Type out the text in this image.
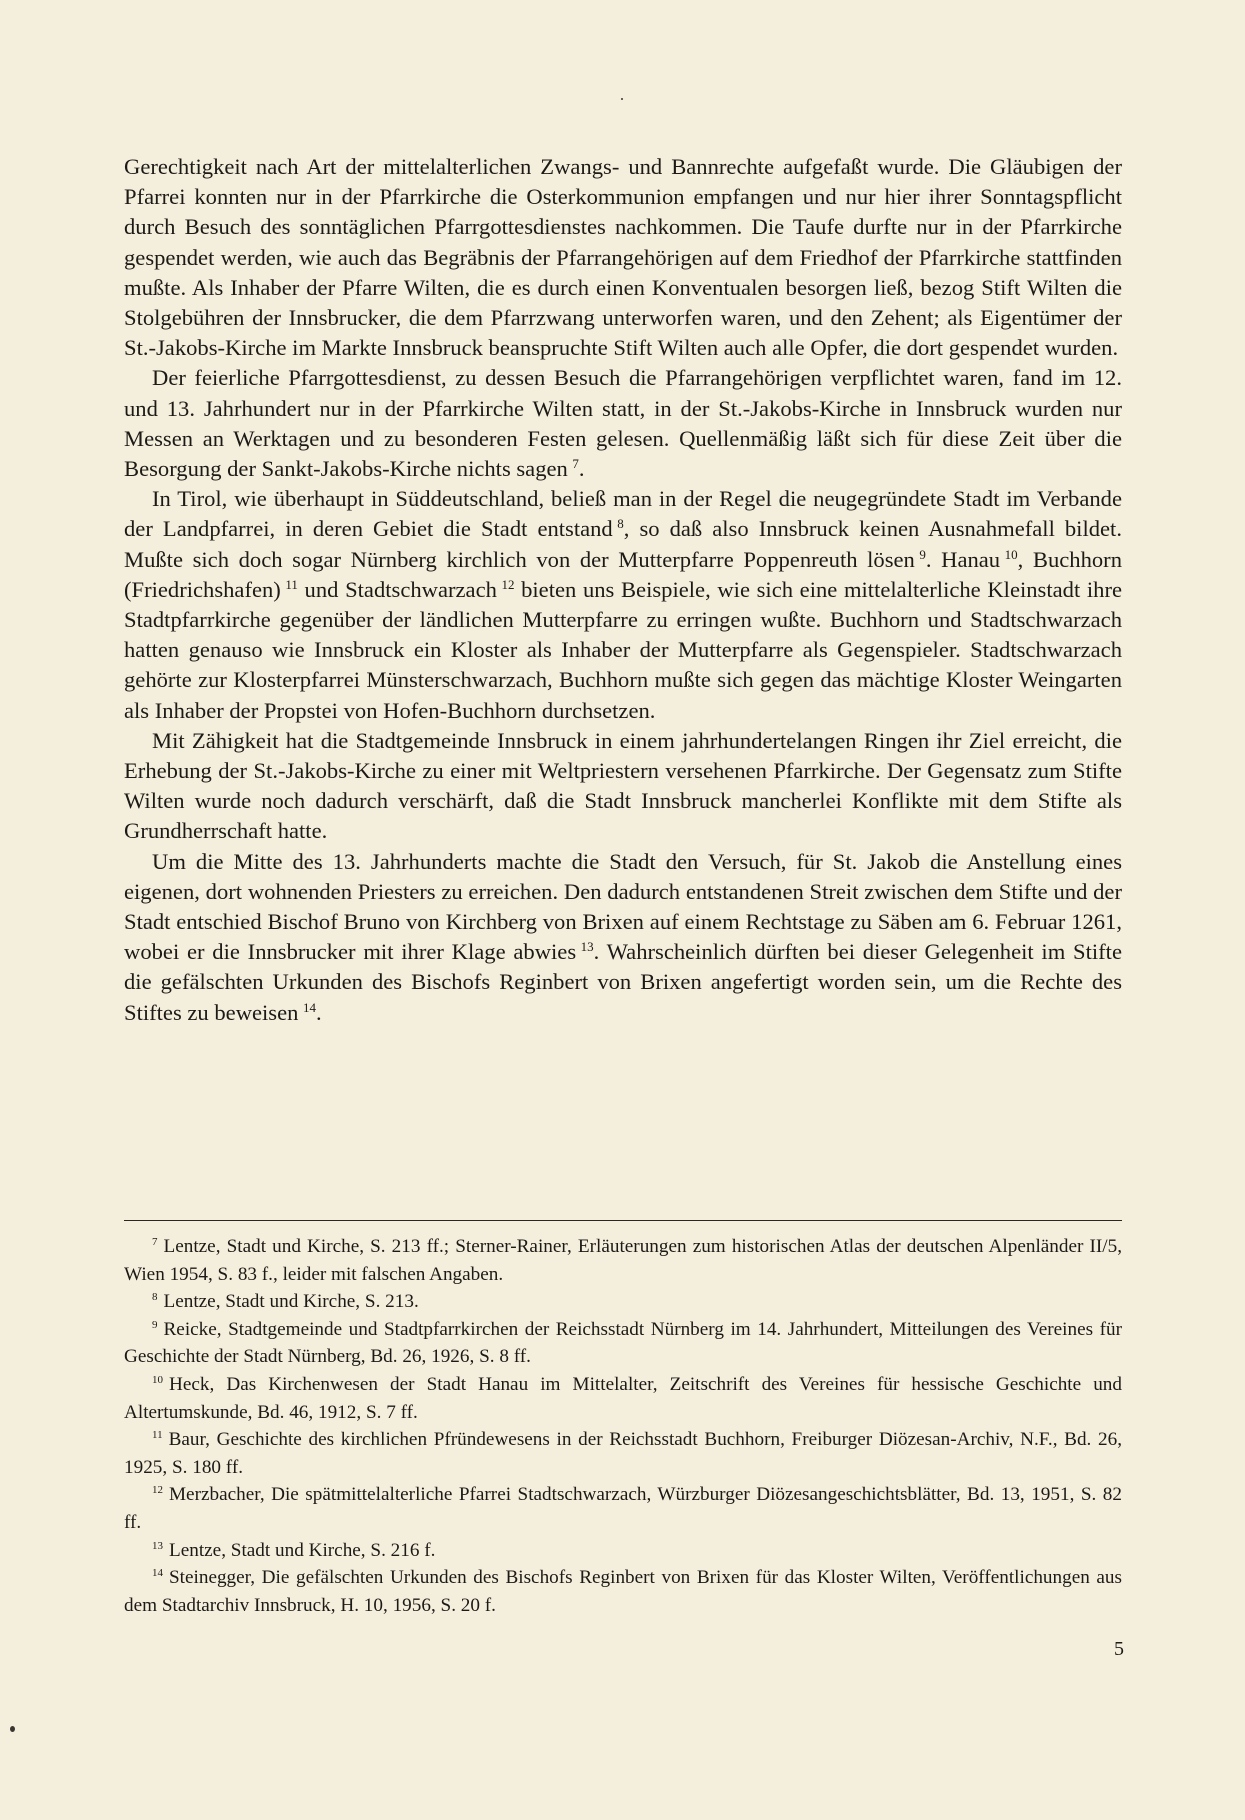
Gerechtigkeit nach Art der mittelalterlichen Zwangs- und Bannrechte aufgefaßt wurde. Die Gläubigen der Pfarrei konnten nur in der Pfarrkirche die Osterkommunion empfangen und nur hier ihrer Sonntagspflicht durch Besuch des sonntäglichen Pfarrgottesdienstes nachkommen. Die Taufe durfte nur in der Pfarrkirche gespendet werden, wie auch das Begräbnis der Pfarrangehörigen auf dem Friedhof der Pfarrkirche stattfinden mußte. Als Inhaber der Pfarre Wilten, die es durch einen Konventualen besorgen ließ, bezog Stift Wilten die Stolgebühren der Innsbrucker, die dem Pfarrzwang unterworfen waren, und den Zehent; als Eigentümer der St.-Jakobs-Kirche im Markte Innsbruck beanspruchte Stift Wilten auch alle Opfer, die dort gespendet wurden.

Der feierliche Pfarrgottesdienst, zu dessen Besuch die Pfarrangehörigen verpflichtet waren, fand im 12. und 13. Jahrhundert nur in der Pfarrkirche Wilten statt, in der St.-Jakobs-Kirche in Innsbruck wurden nur Messen an Werktagen und zu besonderen Festen gelesen. Quellenmäßig läßt sich für diese Zeit über die Besorgung der Sankt-Jakobs-Kirche nichts sagen  $^7$.

In Tirol, wie überhaupt in Süddeutschland, beließ man in der Regel die neugegründete Stadt im Verbande der Landpfarrei, in deren Gebiet die Stadt entstand  $^8$, so daß also Innsbruck keinen Ausnahmefall bildet. Mußte sich doch sogar Nürnberg kirchlich von der Mutterpfarre Poppenreuth lösen  $^9$. Hanau  $^{10}$, Buchhorn (Friedrichshafen)  $^{11}$ und Stadtschwarzach  $^{12}$ bieten uns Beispiele, wie sich eine mittelalterliche Kleinstadt ihre Stadtpfarrkirche gegenüber der ländlichen Mutterpfarre zu erringen wußte. Buchhorn und Stadtschwarzach hatten genauso wie Innsbruck ein Kloster als Inhaber der Mutterpfarre als Gegenspieler. Stadtschwarzach gehörte zur Klosterpfarrei Münsterschwarzach, Buchhorn mußte sich gegen das mächtige Kloster Weingarten als Inhaber der Propstei von Hofen-Buchhorn durchsetzen.

Mit Zähigkeit hat die Stadtgemeinde Innsbruck in einem jahrhundertelangen Ringen ihr Ziel erreicht, die Erhebung der St.-Jakobs-Kirche zu einer mit Weltpriestern versehenen Pfarrkirche. Der Gegensatz zum Stifte Wilten wurde noch dadurch verschärft, daß die Stadt Innsbruck mancherlei Konflikte mit dem Stifte als Grundherrschaft hatte.

Um die Mitte des 13. Jahrhunderts machte die Stadt den Versuch, für St. Jakob die Anstellung eines eigenen, dort wohnenden Priesters zu erreichen. Den dadurch entstandenen Streit zwischen dem Stifte und der Stadt entschied Bischof Bruno von Kirchberg von Brixen auf einem Rechtstage zu Säben am 6. Februar 1261, wobei er die Innsbrucker mit ihrer Klage abwies  $^{13}$. Wahrscheinlich dürften bei dieser Gelegenheit im Stifte die gefälschten Urkunden des Bischofs Reginbert von Brixen angefertigt worden sein, um die Rechte des Stiftes zu beweisen  $^{14}$.

$^7$ Lentze, Stadt und Kirche, S. 213 ff.; Sterner-Rainer, Erläuterungen zum historischen Atlas der deutschen Alpenländer II/5, Wien 1954, S. 83 f., leider mit falschen Angaben.

$^8$ Lentze, Stadt und Kirche, S. 213.

$^9$ Reicke, Stadtgemeinde und Stadtpfarrkirchen der Reichsstadt Nürnberg im 14. Jahrhundert, Mitteilungen des Vereines für Geschichte der Stadt Nürnberg, Bd. 26, 1926, S. 8 ff.

$^{10}$ Heck, Das Kirchenwesen der Stadt Hanau im Mittelalter, Zeitschrift des Vereines für hessische Geschichte und Altertumskunde, Bd. 46, 1912, S. 7 ff.

$^{11}$ Baur, Geschichte des kirchlichen Pfründewesens in der Reichsstadt Buchhorn, Freiburger Diözesan-Archiv, N.F., Bd. 26, 1925, S. 180 ff.

$^{12}$ Merzbacher, Die spätmittelalterliche Pfarrei Stadtschwarzach, Würzburger Diözesangeschichtsblätter, Bd. 13, 1951, S. 82 ff.

$^{13}$ Lentze, Stadt und Kirche, S. 216 f.

$^{14}$ Steinegger, Die gefälschten Urkunden des Bischofs Reginbert von Brixen für das Kloster Wilten, Veröffentlichungen aus dem Stadtarchiv Innsbruck, H. 10, 1956, S. 20 f.

5
